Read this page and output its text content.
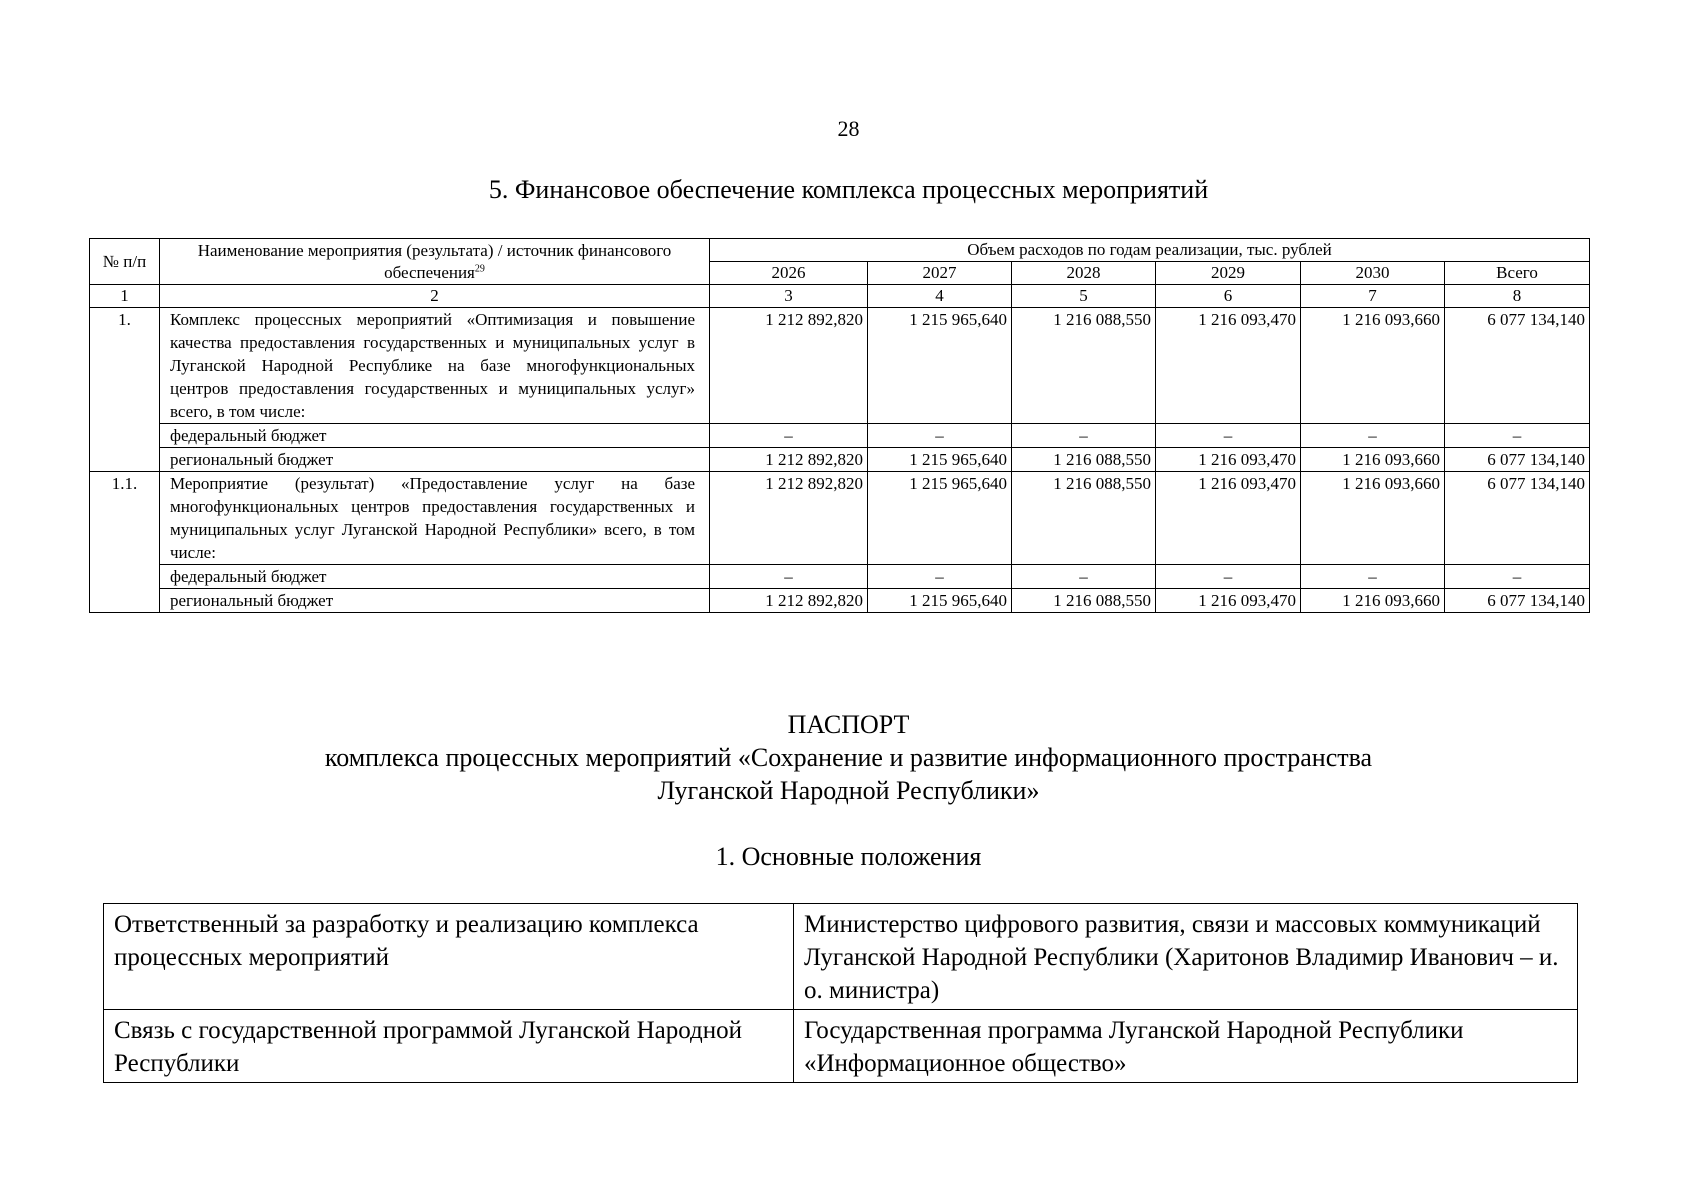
28
5. Финансовое обеспечение комплекса процессных мероприятий
№ п/п	Наименование мероприятия (результата) / источник финансового обеспечения$^{29}$	Объем расходов по годам реализации, тыс. рублей					
		2026	2027	2028	2029	2030	Всего
1	2	3	4	5	6	7	8
1.	Комплекс процессных мероприятий «Оптимизация и повышение качества предоставления государственных и муниципальных услуг в Луганской Народной Республике на базе многофункциональных центров предоставления государственных и муниципальных услуг» всего, в том числе:	1 212 892,820	1 215 965,640	1 216 088,550	1 216 093,470	1 216 093,660	6 077 134,140
	федеральный бюджет	–	–	–	–	–	–
	региональный бюджет	1 212 892,820	1 215 965,640	1 216 088,550	1 216 093,470	1 216 093,660	6 077 134,140
1.1.	Мероприятие (результат) «Предоставление услуг на базе многофункциональных центров предоставления государственных и муниципальных услуг Луганской Народной Республики» всего, в том числе:	1 212 892,820	1 215 965,640	1 216 088,550	1 216 093,470	1 216 093,660	6 077 134,140
	федеральный бюджет	–	–	–	–	–	–
	региональный бюджет	1 212 892,820	1 215 965,640	1 216 088,550	1 216 093,470	1 216 093,660	6 077 134,140
ПАСПОРТ
комплекса процессных мероприятий «Сохранение и развитие информационного пространства
Луганской Народной Республики»
1. Основные положения
Ответственный за разработку и реализацию комплекса процессных мероприятий	Министерство цифрового развития, связи и массовых коммуникаций Луганской Народной Республики (Харитонов Владимир Иванович – и. о. министра)
Связь с государственной программой Луганской Народной Республики	Государственная программа Луганской Народной Республики «Информационное общество»
